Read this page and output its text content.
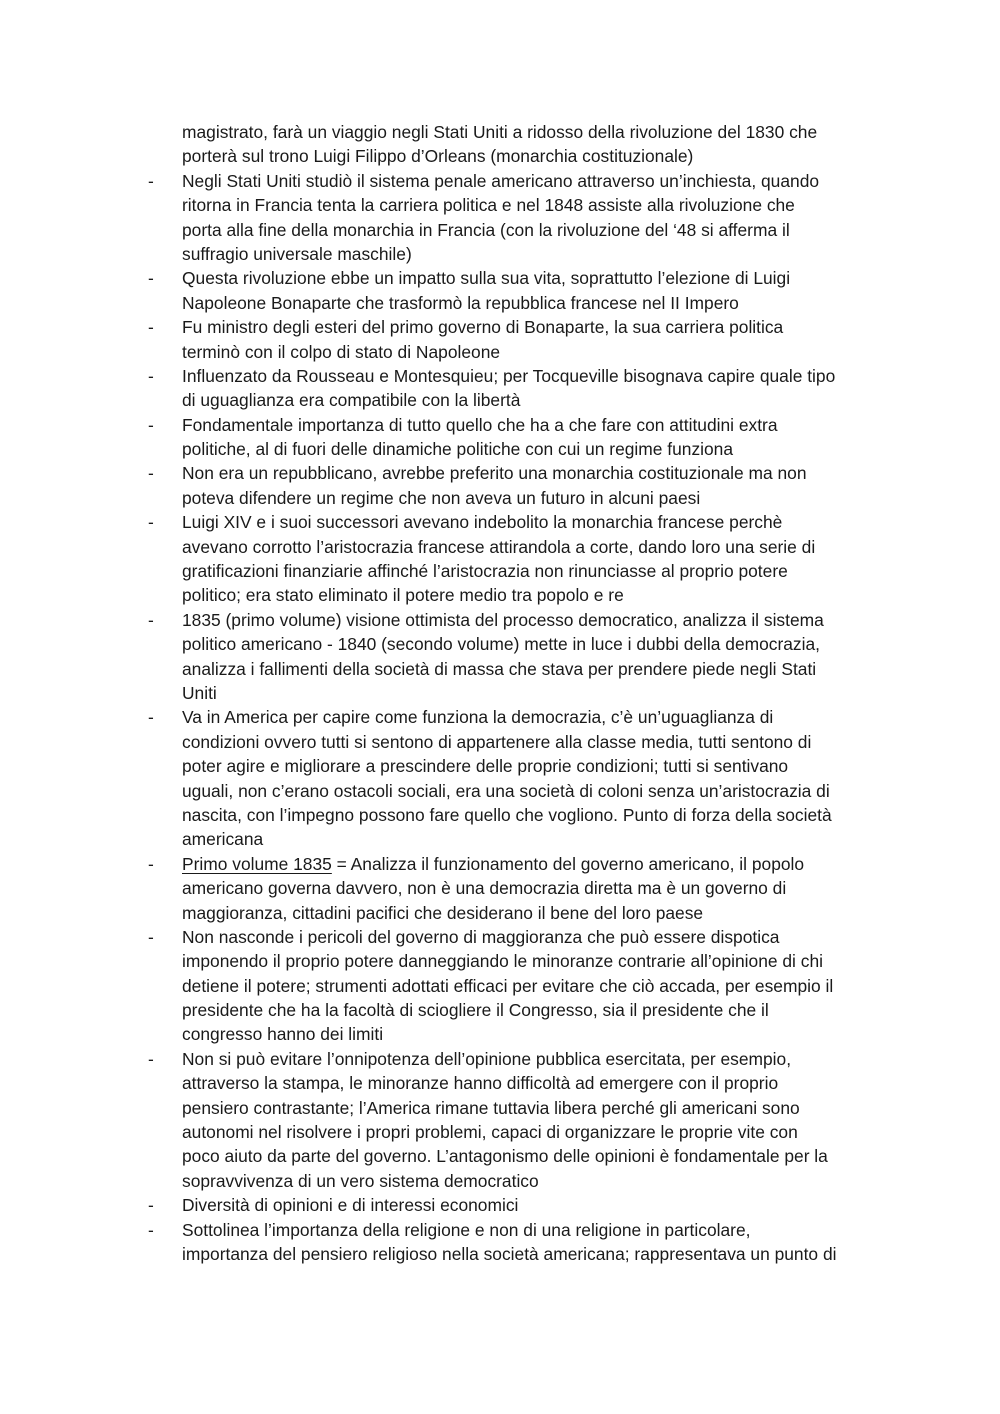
magistrato, farà un viaggio negli Stati Uniti a ridosso della rivoluzione del 1830 che
porterà sul trono Luigi Filippo d’Orleans (monarchia costituzionale)
- Negli Stati Uniti studiò il sistema penale americano attraverso un’inchiesta, quando
ritorna in Francia tenta la carriera politica e nel 1848 assiste alla rivoluzione che
porta alla fine della monarchia in Francia (con la rivoluzione del ‘48 si afferma il
suffragio universale maschile)
- Questa rivoluzione ebbe un impatto sulla sua vita, soprattutto l’elezione di Luigi
Napoleone Bonaparte che trasformò la repubblica francese nel II Impero
- Fu ministro degli esteri del primo governo di Bonaparte, la sua carriera politica
terminò con il colpo di stato di Napoleone
- Influenzato da Rousseau e Montesquieu; per Tocqueville bisognava capire quale tipo
di uguaglianza era compatibile con la libertà
- Fondamentale importanza di tutto quello che ha a che fare con attitudini extra
politiche, al di fuori delle dinamiche politiche con cui un regime funziona
- Non era un repubblicano, avrebbe preferito una monarchia costituzionale ma non
poteva difendere un regime che non aveva un futuro in alcuni paesi
- Luigi XIV e i suoi successori avevano indebolito la monarchia francese perchè
avevano corrotto l’aristocrazia francese attirandola a corte, dando loro una serie di
gratificazioni finanziarie affinché l’aristocrazia non rinunciasse al proprio potere
politico; era stato eliminato il potere medio tra popolo e re
- 1835 (primo volume) visione ottimista del processo democratico, analizza il sistema
politico americano - 1840 (secondo volume) mette in luce i dubbi della democrazia,
analizza i fallimenti della società di massa che stava per prendere piede negli Stati
Uniti
- Va in America per capire come funziona la democrazia, c’è un’uguaglianza di
condizioni ovvero tutti si sentono di appartenere alla classe media, tutti sentono di
poter agire e migliorare a prescindere delle proprie condizioni; tutti si sentivano
uguali, non c’erano ostacoli sociali, era una società di coloni senza un’aristocrazia di
nascita, con l’impegno possono fare quello che vogliono. Punto di forza della società
americana
- Primo volume 1835 = Analizza il funzionamento del governo americano, il popolo
americano governa davvero, non è una democrazia diretta ma è un governo di
maggioranza, cittadini pacifici che desiderano il bene del loro paese
- Non nasconde i pericoli del governo di maggioranza che può essere dispotica
imponendo il proprio potere danneggiando le minoranze contrarie all’opinione di chi
detiene il potere; strumenti adottati efficaci per evitare che ciò accada, per esempio il
presidente che ha la facoltà di sciogliere il Congresso, sia il presidente che il
congresso hanno dei limiti
- Non si può evitare l’onnipotenza dell’opinione pubblica esercitata, per esempio,
attraverso la stampa, le minoranze hanno difficoltà ad emergere con il proprio
pensiero contrastante; l’America rimane tuttavia libera perché gli americani sono
autonomi nel risolvere i propri problemi, capaci di organizzare le proprie vite con
poco aiuto da parte del governo. L’antagonismo delle opinioni è fondamentale per la
sopravvivenza di un vero sistema democratico
- Diversità di opinioni e di interessi economici
- Sottolinea l’importanza della religione e non di una religione in particolare,
importanza del pensiero religioso nella società americana; rappresentava un punto di
